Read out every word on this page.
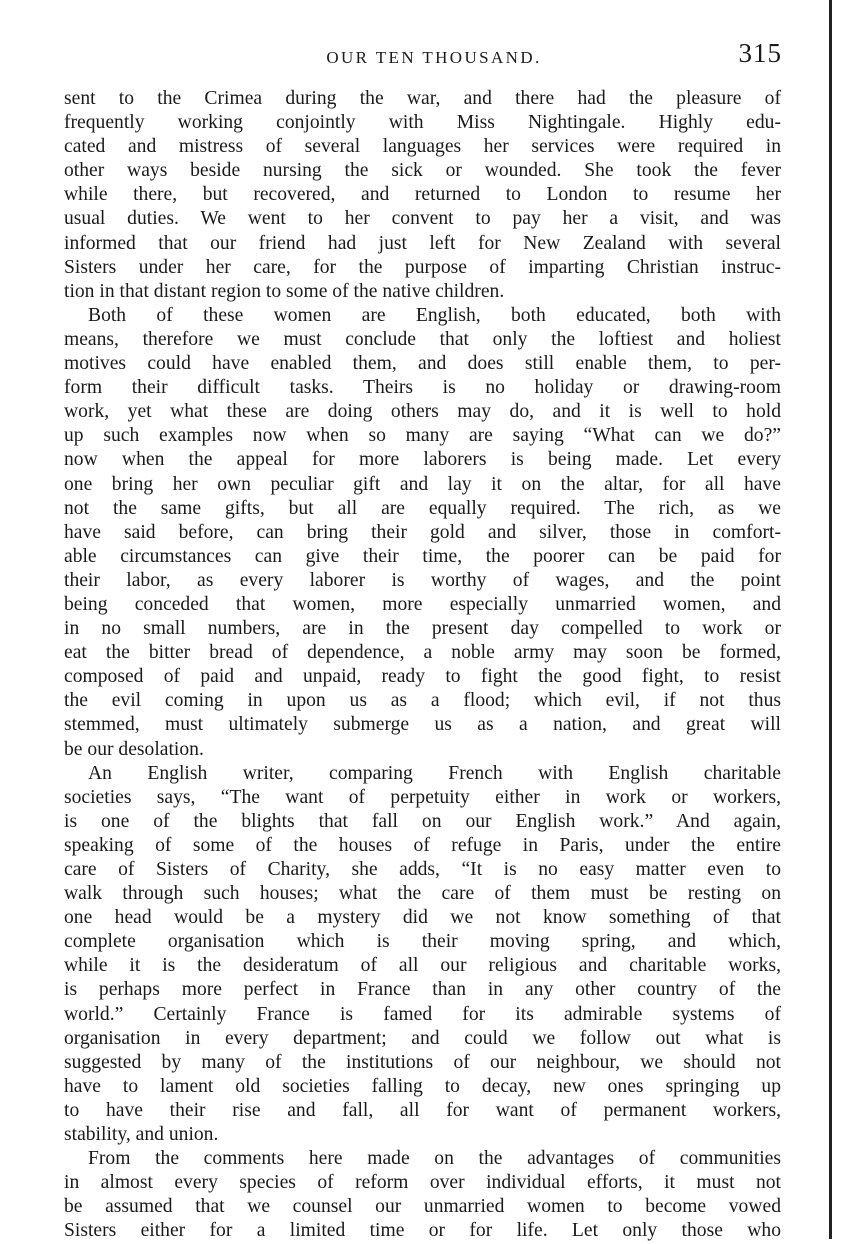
OUR TEN THOUSAND.	315
sent to the Crimea during the war, and there had the pleasure of
frequently working conjointly with Miss Nightingale. Highly edu-
cated and mistress of several languages her services were required in
other ways beside nursing the sick or wounded. She took the fever
while there, but recovered, and returned to London to resume her
usual duties. We went to her convent to pay her a visit, and was
informed that our friend had just left for New Zealand with several
Sisters under her care, for the purpose of imparting Christian instruc-
tion in that distant region to some of the native children.
Both of these women are English, both educated, both with
means, therefore we must conclude that only the loftiest and holiest
motives could have enabled them, and does still enable them, to per-
form their difficult tasks. Theirs is no holiday or drawing-room
work, yet what these are doing others may do, and it is well to hold
up such examples now when so many are saying “What can we do?”
now when the appeal for more laborers is being made. Let every
one bring her own peculiar gift and lay it on the altar, for all have
not the same gifts, but all are equally required. The rich, as we
have said before, can bring their gold and silver, those in comfort-
able circumstances can give their time, the poorer can be paid for
their labor, as every laborer is worthy of wages, and the point
being conceded that women, more especially unmarried women, and
in no small numbers, are in the present day compelled to work or
eat the bitter bread of dependence, a noble army may soon be formed,
composed of paid and unpaid, ready to fight the good fight, to resist
the evil coming in upon us as a flood; which evil, if not thus
stemmed, must ultimately submerge us as a nation, and great will
be our desolation.
An English writer, comparing French with English charitable
societies says, “The want of perpetuity either in work or workers,
is one of the blights that fall on our English work.” And again,
speaking of some of the houses of refuge in Paris, under the entire
care of Sisters of Charity, she adds, “It is no easy matter even to
walk through such houses; what the care of them must be resting on
one head would be a mystery did we not know something of that
complete organisation which is their moving spring, and which,
while it is the desideratum of all our religious and charitable works,
is perhaps more perfect in France than in any other country of the
world.” Certainly France is famed for its admirable systems of
organisation in every department; and could we follow out what is
suggested by many of the institutions of our neighbour, we should not
have to lament old societies falling to decay, new ones springing up
to have their rise and fall, all for want of permanent workers,
stability, and union.
From the comments here made on the advantages of communities
in almost every species of reform over individual efforts, it must not
be assumed that we counsel our unmarried women to become vowed
Sisters either for a limited time or for life. Let only those who
